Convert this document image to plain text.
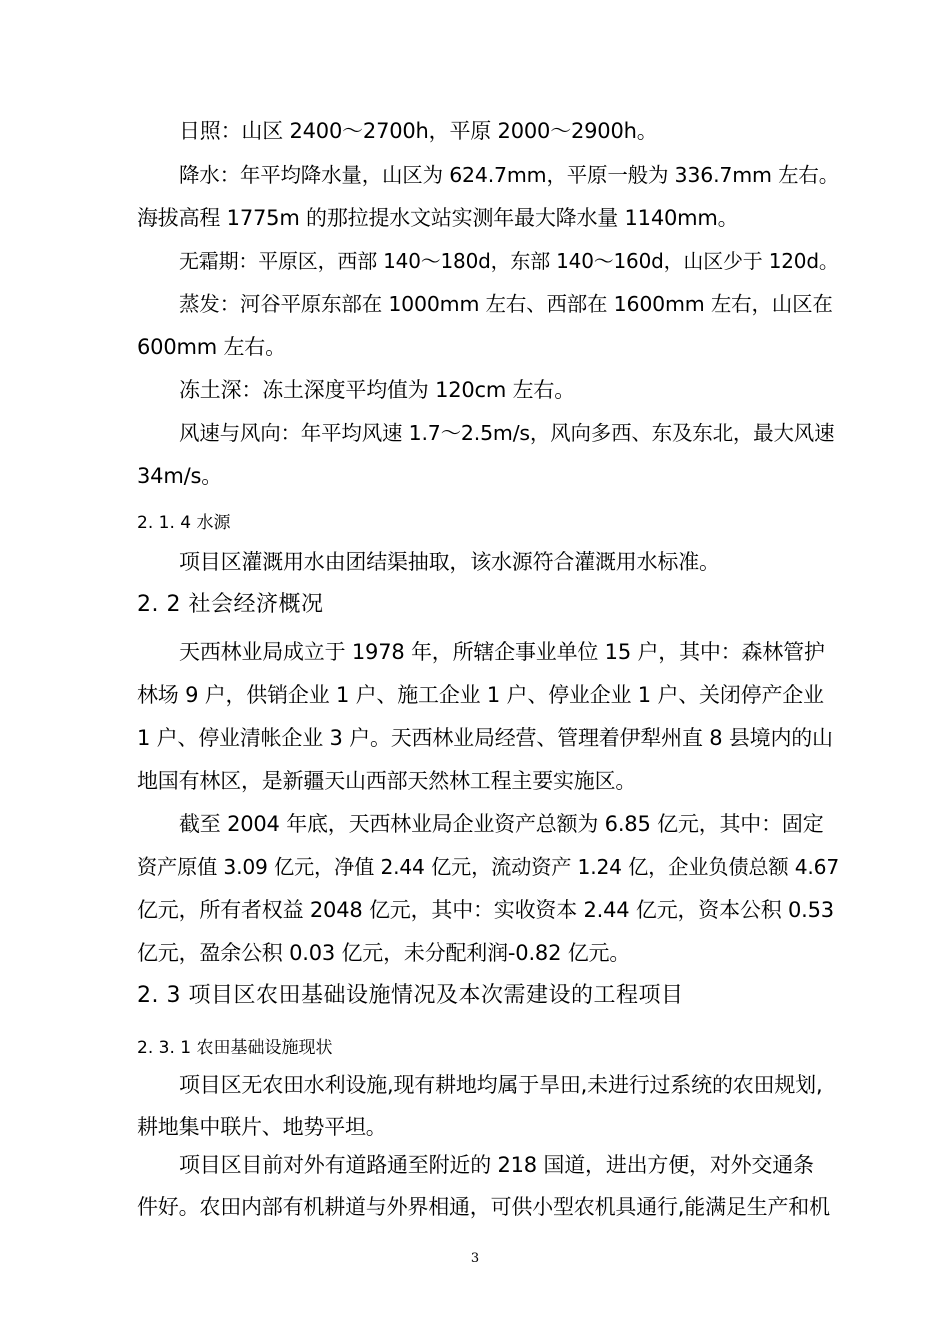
日照：山区 2400～2700h，平原 2000～2900h。
降水：年平均降水量，山区为 624.7mm，平原一般为 336.7mm 左右。
海拔高程 1775m 的那拉提水文站实测年最大降水量 1140mm。
无霜期：平原区，西部 140～180d，东部 140～160d，山区少于 120d。
蒸发：河谷平原东部在 1000mm 左右、西部在 1600mm 左右，山区在
600mm 左右。
冻土深：冻土深度平均值为 120cm 左右。
风速与风向：年平均风速 1.7～2.5m/s，风向多西、东及东北，最大风速
34m/s。
2. 1. 4 水源
项目区灌溉用水由团结渠抽取，该水源符合灌溉用水标准。
2. 2 社会经济概况
天西林业局成立于 1978 年，所辖企事业单位 15 户，其中：森林管护
林场 9 户，供销企业 1 户、施工企业 1 户、停业企业 1 户、关闭停产企业
1 户、停业清帐企业 3 户。天西林业局经营、管理着伊犁州直 8 县境内的山
地国有林区，是新疆天山西部天然林工程主要实施区。
截至 2004 年底，天西林业局企业资产总额为 6.85 亿元，其中：固定
资产原值 3.09 亿元，净值 2.44 亿元，流动资产 1.24 亿，企业负债总额 4.67
亿元，所有者权益 2048 亿元，其中：实收资本 2.44 亿元，资本公积 0.53
亿元，盈余公积 0.03 亿元，未分配利润-0.82 亿元。
2. 3 项目区农田基础设施情况及本次需建设的工程项目
2. 3. 1 农田基础设施现状
项目区无农田水利设施,现有耕地均属于旱田,未进行过系统的农田规划,
耕地集中联片、地势平坦。
项目区目前对外有道路通至附近的 218 国道，进出方便，对外交通条
件好。农田内部有机耕道与外界相通，可供小型农机具通行,能满足生产和机
3
